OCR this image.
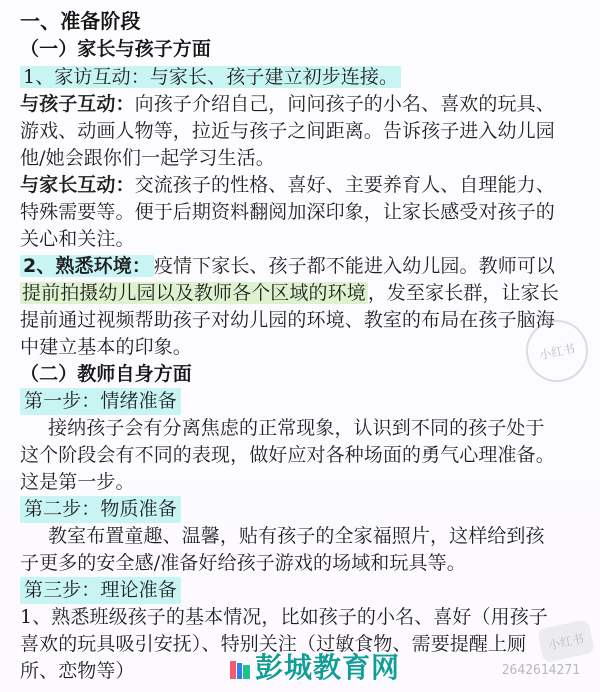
一、准备阶段
（一）家长与孩子方面
1、家访互动：与家长、孩子建立初步连接。
与孩子互动：向孩子介绍自己，问问孩子的小名、喜欢的玩具、
游戏、动画人物等，拉近与孩子之间距离。告诉孩子进入幼儿园
他/她会跟你们一起学习生活。
与家长互动：交流孩子的性格、喜好、主要养育人、自理能力、
特殊需要等。便于后期资料翻阅加深印象，让家长感受对孩子的
关心和关注。
2、熟悉环境： 疫情下家长、孩子都不能进入幼儿园。教师可以
提前拍摄幼儿园以及教师各个区域的环境 ，发至家长群，让家长
提前通过视频帮助孩子对幼儿园的环境、教室的布局在孩子脑海
中建立基本的印象。
（二）教师自身方面
第一步：情绪准备
接纳孩子会有分离焦虑的正常现象，认识到不同的孩子处于
这个阶段会有不同的表现，做好应对各种场面的勇气心理准备。
这是第一步。
第二步：物质准备
教室布置童趣、温馨，贴有孩子的全家福照片，这样给到孩
子更多的安全感/准备好给孩子游戏的场域和玩具等。
第三步：理论准备
1、熟悉班级孩子的基本情况，比如孩子的小名、喜好（用孩子
喜欢的玩具吸引安抚）、特别关注（过敏食物、需要提醒上厕
所、恋物等）
小红书
小红书
彭城教育网	2642614271
